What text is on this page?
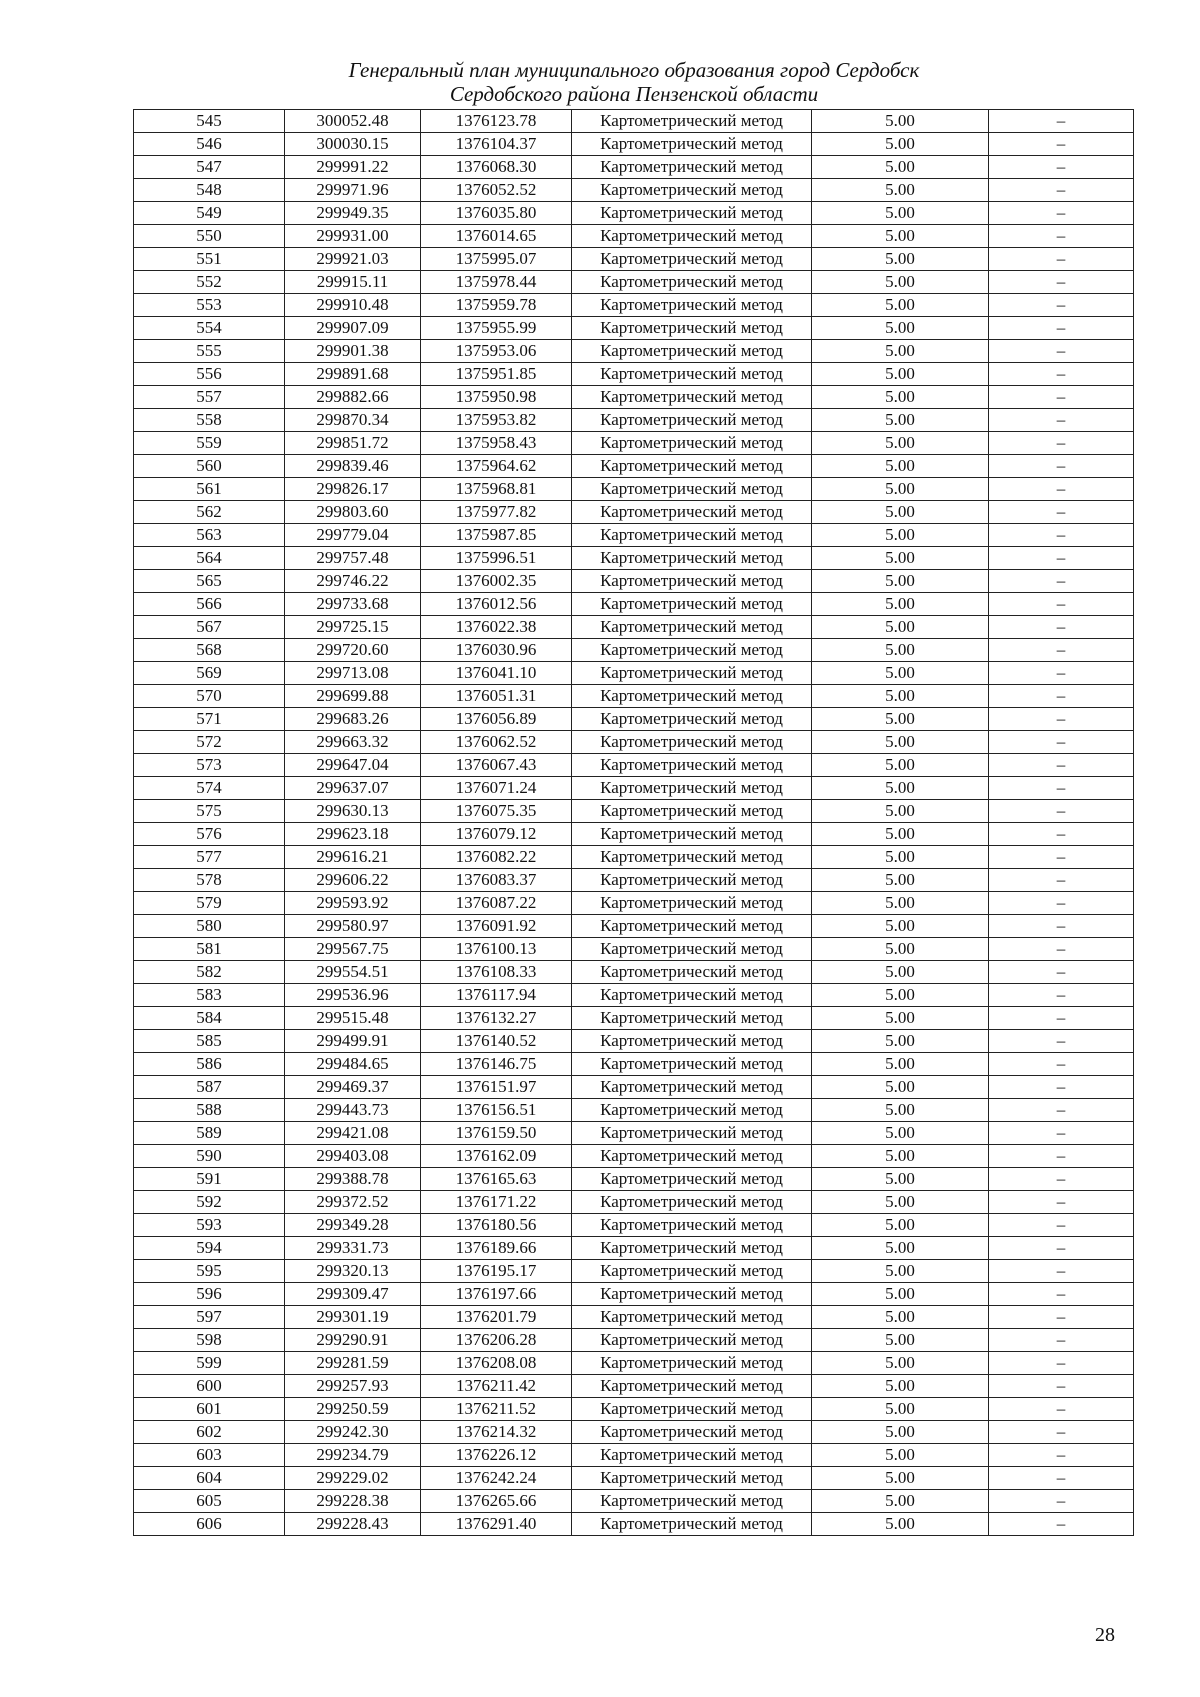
Генеральный план муниципального образования город Сердобск
Сердобского района Пензенской области
545	300052.48	1376123.78	Картометрический метод	5.00	–
546	300030.15	1376104.37	Картометрический метод	5.00	–
547	299991.22	1376068.30	Картометрический метод	5.00	–
548	299971.96	1376052.52	Картометрический метод	5.00	–
549	299949.35	1376035.80	Картометрический метод	5.00	–
550	299931.00	1376014.65	Картометрический метод	5.00	–
551	299921.03	1375995.07	Картометрический метод	5.00	–
552	299915.11	1375978.44	Картометрический метод	5.00	–
553	299910.48	1375959.78	Картометрический метод	5.00	–
554	299907.09	1375955.99	Картометрический метод	5.00	–
555	299901.38	1375953.06	Картометрический метод	5.00	–
556	299891.68	1375951.85	Картометрический метод	5.00	–
557	299882.66	1375950.98	Картометрический метод	5.00	–
558	299870.34	1375953.82	Картометрический метод	5.00	–
559	299851.72	1375958.43	Картометрический метод	5.00	–
560	299839.46	1375964.62	Картометрический метод	5.00	–
561	299826.17	1375968.81	Картометрический метод	5.00	–
562	299803.60	1375977.82	Картометрический метод	5.00	–
563	299779.04	1375987.85	Картометрический метод	5.00	–
564	299757.48	1375996.51	Картометрический метод	5.00	–
565	299746.22	1376002.35	Картометрический метод	5.00	–
566	299733.68	1376012.56	Картометрический метод	5.00	–
567	299725.15	1376022.38	Картометрический метод	5.00	–
568	299720.60	1376030.96	Картометрический метод	5.00	–
569	299713.08	1376041.10	Картометрический метод	5.00	–
570	299699.88	1376051.31	Картометрический метод	5.00	–
571	299683.26	1376056.89	Картометрический метод	5.00	–
572	299663.32	1376062.52	Картометрический метод	5.00	–
573	299647.04	1376067.43	Картометрический метод	5.00	–
574	299637.07	1376071.24	Картометрический метод	5.00	–
575	299630.13	1376075.35	Картометрический метод	5.00	–
576	299623.18	1376079.12	Картометрический метод	5.00	–
577	299616.21	1376082.22	Картометрический метод	5.00	–
578	299606.22	1376083.37	Картометрический метод	5.00	–
579	299593.92	1376087.22	Картометрический метод	5.00	–
580	299580.97	1376091.92	Картометрический метод	5.00	–
581	299567.75	1376100.13	Картометрический метод	5.00	–
582	299554.51	1376108.33	Картометрический метод	5.00	–
583	299536.96	1376117.94	Картометрический метод	5.00	–
584	299515.48	1376132.27	Картометрический метод	5.00	–
585	299499.91	1376140.52	Картометрический метод	5.00	–
586	299484.65	1376146.75	Картометрический метод	5.00	–
587	299469.37	1376151.97	Картометрический метод	5.00	–
588	299443.73	1376156.51	Картометрический метод	5.00	–
589	299421.08	1376159.50	Картометрический метод	5.00	–
590	299403.08	1376162.09	Картометрический метод	5.00	–
591	299388.78	1376165.63	Картометрический метод	5.00	–
592	299372.52	1376171.22	Картометрический метод	5.00	–
593	299349.28	1376180.56	Картометрический метод	5.00	–
594	299331.73	1376189.66	Картометрический метод	5.00	–
595	299320.13	1376195.17	Картометрический метод	5.00	–
596	299309.47	1376197.66	Картометрический метод	5.00	–
597	299301.19	1376201.79	Картометрический метод	5.00	–
598	299290.91	1376206.28	Картометрический метод	5.00	–
599	299281.59	1376208.08	Картометрический метод	5.00	–
600	299257.93	1376211.42	Картометрический метод	5.00	–
601	299250.59	1376211.52	Картометрический метод	5.00	–
602	299242.30	1376214.32	Картометрический метод	5.00	–
603	299234.79	1376226.12	Картометрический метод	5.00	–
604	299229.02	1376242.24	Картометрический метод	5.00	–
605	299228.38	1376265.66	Картометрический метод	5.00	–
606	299228.43	1376291.40	Картометрический метод	5.00	–
28
